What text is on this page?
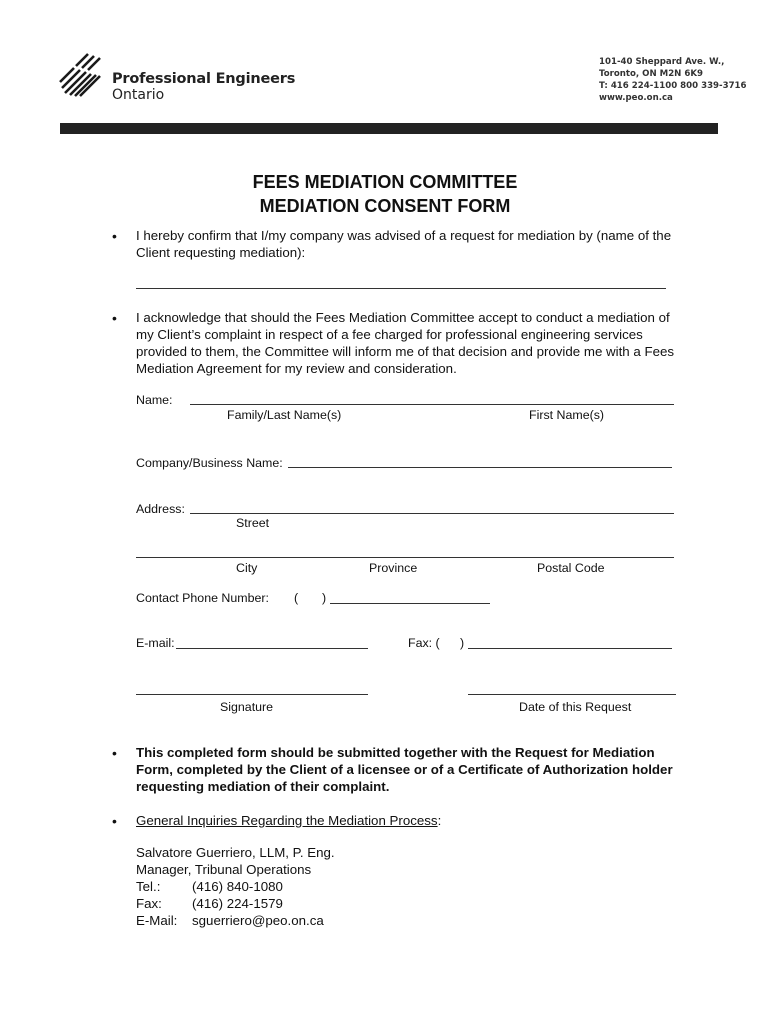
Professional Engineers
Ontario
101-40 Sheppard Ave. W.,
Toronto, ON M2N 6K9
T: 416 224-1100 800 339-3716
www.peo.on.ca
FEES MEDIATION COMMITTEE
MEDIATION CONSENT FORM
• I hereby confirm that I/my company was advised of a request for mediation by (name of the Client requesting mediation):
• I acknowledge that should the Fees Mediation Committee accept to conduct a mediation of my Client’s complaint in respect of a fee charged for professional engineering services provided to them, the Committee will inform me of that decision and provide me with a Fees Mediation Agreement for my review and consideration.
Name:
Family/Last Name(s)	First Name(s)
Company/Business Name:
Address:
Street
City	Province	Postal Code
Contact Phone Number: ( )
E-mail:	Fax: ( )
Signature	Date of this Request
• This completed form should be submitted together with the Request for Mediation Form, completed by the Client of a licensee or of a Certificate of Authorization holder requesting mediation of their complaint.
• General Inquiries Regarding the Mediation Process:
Salvatore Guerriero, LLM, P. Eng.
Manager, Tribunal Operations
Tel.: (416) 840-1080
Fax: (416) 224-1579
E-Mail: sguerriero@peo.on.ca
